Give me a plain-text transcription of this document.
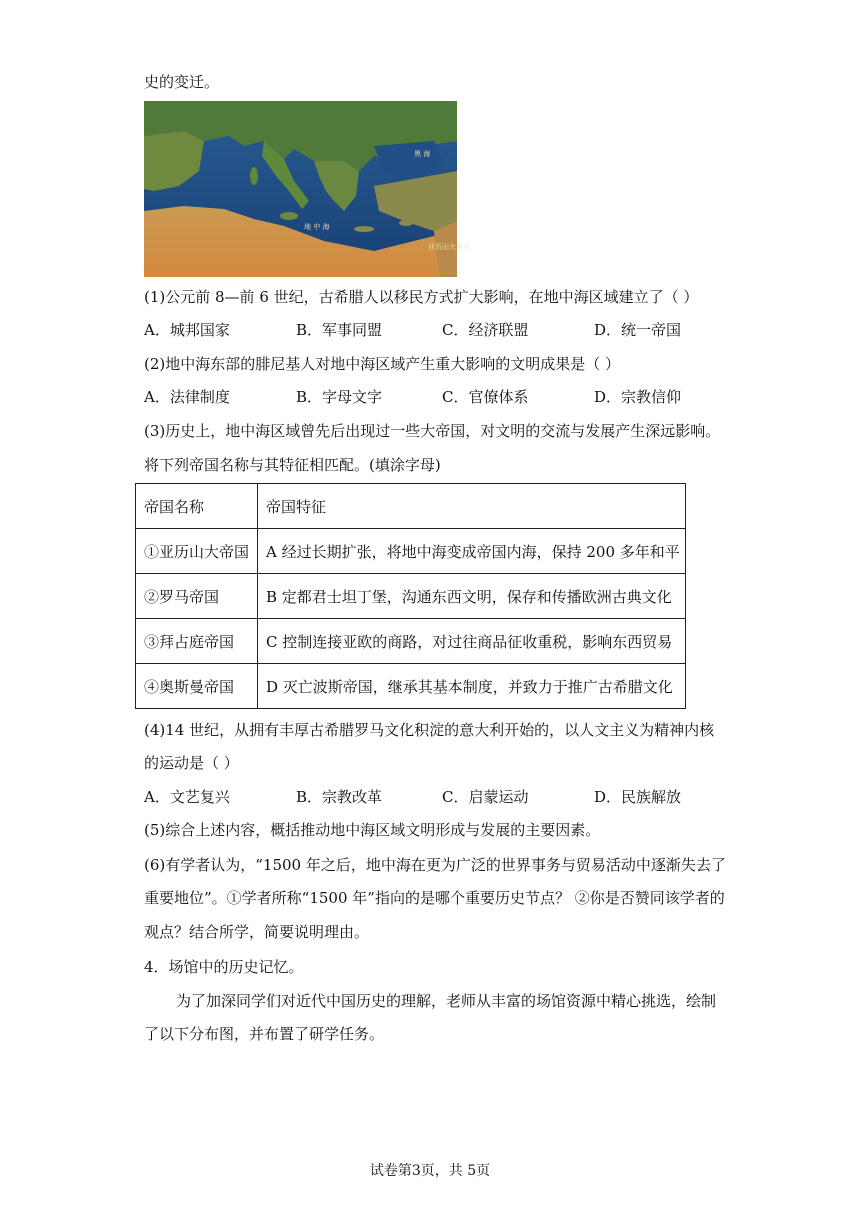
史的变迁。
地 中 海
黑 海
亚历山大里亚
(1)公元前 8—前 6 世纪，古希腊人以移民方式扩大影响，在地中海区域建立了（ ）
A．城邦国家	B．军事同盟	C．经济联盟	D．统一帝国
(2)地中海东部的腓尼基人对地中海区域产生重大影响的文明成果是（ ）
A．法律制度	B．字母文字	C．官僚体系	D．宗教信仰
(3)历史上，地中海区域曾先后出现过一些大帝国，对文明的交流与发展产生深远影响。
将下列帝国名称与其特征相匹配。(填涂字母)
帝国名称	帝国特征
①亚历山大帝国	A 经过长期扩张，将地中海变成帝国内海，保持 200 多年和平
②罗马帝国	B 定都君士坦丁堡，沟通东西文明，保存和传播欧洲古典文化
③拜占庭帝国	C 控制连接亚欧的商路，对过往商品征收重税，影响东西贸易
④奥斯曼帝国	D 灭亡波斯帝国，继承其基本制度，并致力于推广古希腊文化
(4)14 世纪，从拥有丰厚古希腊罗马文化积淀的意大利开始的，以人文主义为精神内核
的运动是（ ）
A．文艺复兴	B．宗教改革	C．启蒙运动	D．民族解放
(5)综合上述内容，概括推动地中海区域文明形成与发展的主要因素。
(6)有学者认为，“1500 年之后，地中海在更为广泛的世界事务与贸易活动中逐渐失去了
重要地位”。①学者所称“1500 年”指向的是哪个重要历史节点？ ②你是否赞同该学者的
观点？结合所学，简要说明理由。
4．场馆中的历史记忆。
为了加深同学们对近代中国历史的理解，老师从丰富的场馆资源中精心挑选，绘制
了以下分布图，并布置了研学任务。
试卷第3页，共 5页
